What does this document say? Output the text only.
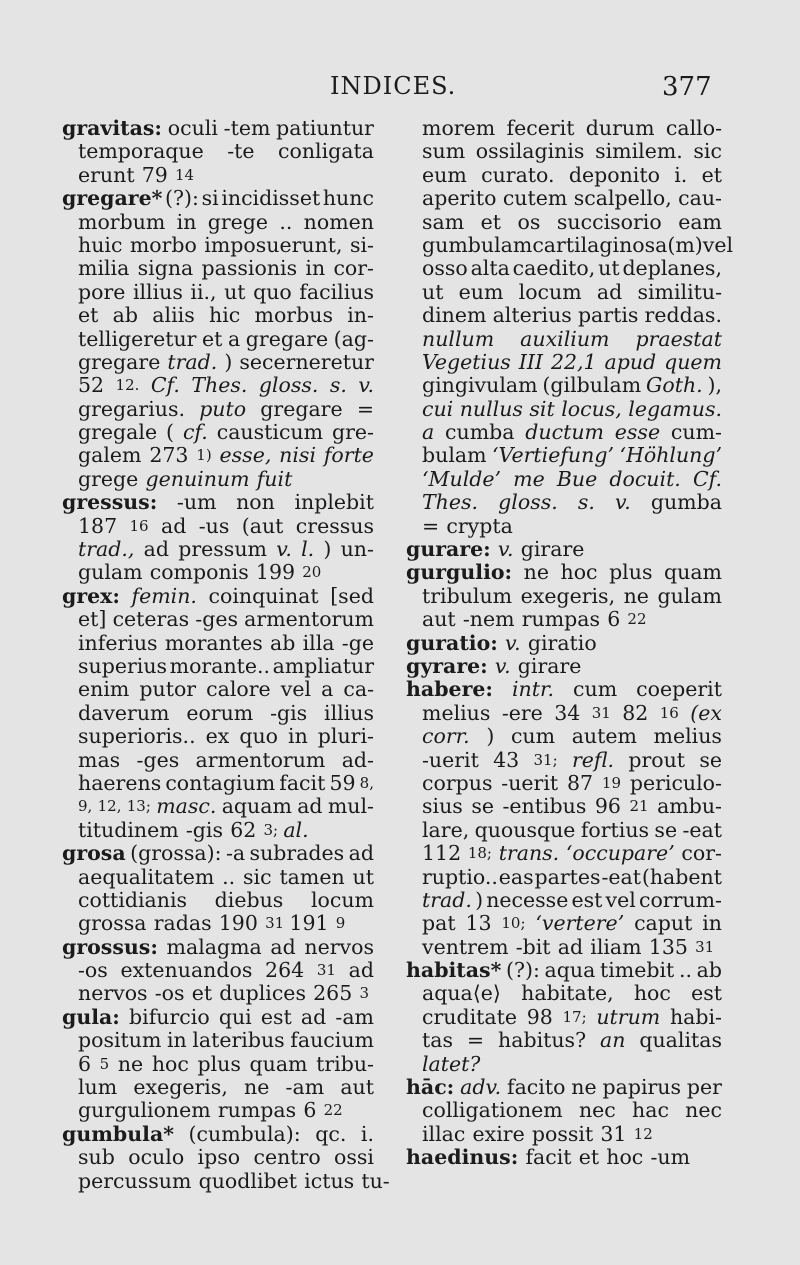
INDICES.	377
gravitas: oculi -tem patiuntur
temporaque -te conligata
erunt 79 14
gregare* (?): si incidisset hunc
morbum in grege .. nomen
huic morbo imposuerunt, si-
milia signa passionis in cor-
pore illius ii., ut quo facilius
et ab aliis hic morbus in-
telligeretur et a gregare (ag-
gregare trad. ) secerneretur
52 12. Cf. Thes. gloss. s. v.
gregarius. puto gregare =
gregale ( cf. causticum gre-
galem 273 1) esse, nisi forte
grege genuinum fuit
gressus: -um non inplebit
187 16 ad -us (aut cressus
trad., ad pressum v. l. ) un-
gulam componis 199 20
grex: femin. coinquinat [sed
et] ceteras -ges armentorum
inferius morantes ab illa -ge
superius morante.. ampliatur
enim putor calore vel a ca-
daverum eorum -gis illius
superioris.. ex quo in pluri-
mas -ges armentorum ad-
haerens contagium facit 59 8,
9, 12, 13; masc. aquam ad mul-
titudinem -gis 62 3; al.
grosa (grossa): -a subrades ad
aequalitatem .. sic tamen ut
cottidianis diebus locum
grossa radas 190 31 191 9
grossus: malagma ad nervos
-os extenuandos 264 31 ad
nervos -os et duplices 265 3
gula: bifurcio qui est ad -am
positum in lateribus faucium
6 5 ne hoc plus quam tribu-
lum exegeris, ne -am aut
gurgulionem rumpas 6 22
gumbula* (cumbula): qc. i.
sub oculo ipso centro ossi
percussum quodlibet ictus tu-
morem fecerit durum callo-
sum ossilaginis similem. sic
eum curato. deponito i. et
aperito cutem scalpello, cau-
sam et os succisorio eam
gumbulam cartilaginosa(m) vel
osso alta caedito, ut deplanes,
ut eum locum ad similitu-
dinem alterius partis reddas.
nullum auxilium praestat
Vegetius III 22,1 apud quem
gingivulam (gilbulam Goth. ),
cui nullus sit locus, legamus.
a cumba ductum esse cum-
bulam ‘Vertiefung’ ‘Höhlung’
‘Mulde’ me Bue docuit. Cf.
Thes. gloss. s. v. gumba
= crypta
gurare: v. girare
gurgulio: ne hoc plus quam
tribulum exegeris, ne gulam
aut -nem rumpas 6 22
guratio: v. giratio
gyrare: v. girare
habere: intr. cum coeperit
melius -ere 34 31 82 16 (ex
corr. ) cum autem melius
-uerit 43 31; refl. prout se
corpus -uerit 87 19 periculo-
sius se -entibus 96 21 ambu-
lare, quousque fortius se -eat
112 18; trans. ‘occupare’ cor-
ruptio.. eas partes -eat (habent
trad. ) necesse est vel corrum-
pat 13 10; ‘vertere’ caput in
ventrem -bit ad iliam 135 31
habitas* (?): aqua timebit .. ab
aqua⟨e⟩ habitate, hoc est
cruditate 98 17; utrum habi-
tas = habitus? an qualitas
latet?
hāc: adv. facito ne papirus per
colligationem nec hac nec
illac exire possit 31 12
haedinus: facit et hoc -um
